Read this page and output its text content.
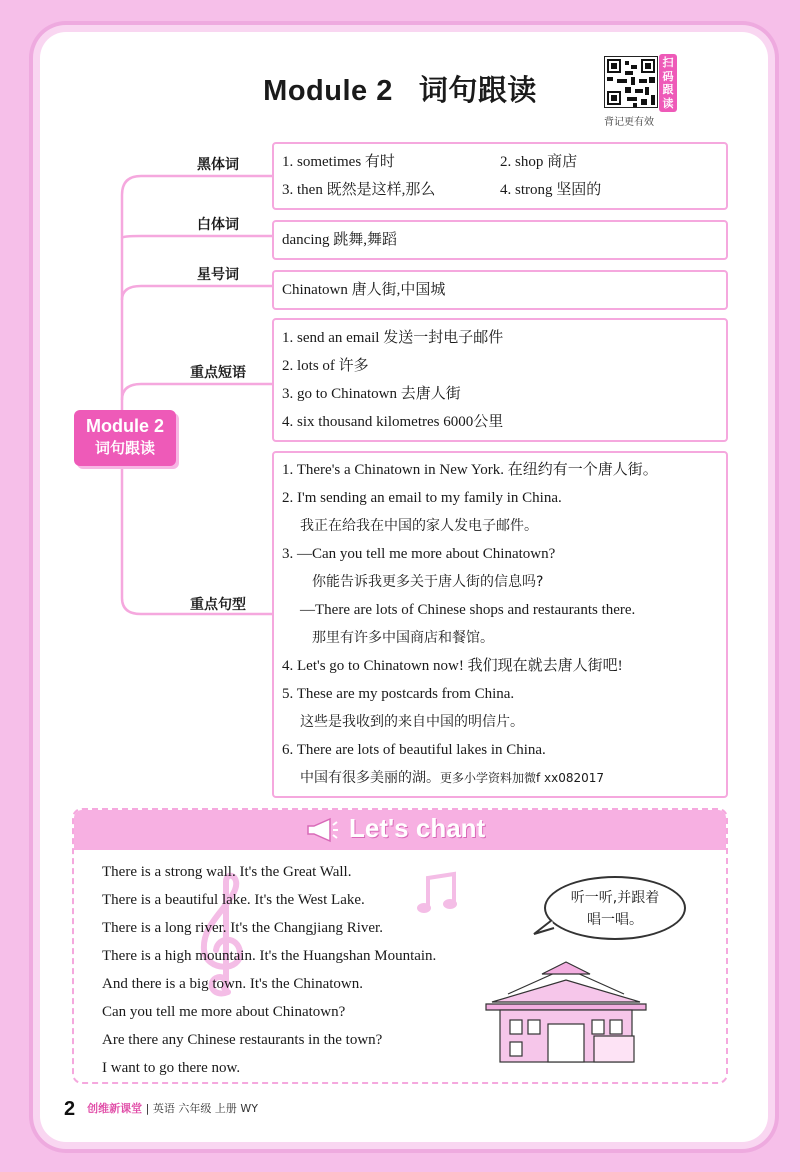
Module 2 词句跟读
扫码跟读
背记更有效
黑体词
白体词
星号词
重点短语
重点句型
Module 2
词句跟读
1. sometimes 有时	2. shop 商店
3. then 既然是这样,那么	4. strong 坚固的
dancing 跳舞,舞蹈
Chinatown 唐人街,中国城
1. send an email 发送一封电子邮件
2. lots of 许多
3. go to Chinatown 去唐人街
4. six thousand kilometres 6000公里
1. There's a Chinatown in New York. 在纽约有一个唐人街。
2. I'm sending an email to my family in China.
我正在给我在中国的家人发电子邮件。
3. —Can you tell me more about Chinatown?
你能告诉我更多关于唐人街的信息吗?
—There are lots of Chinese shops and restaurants there.
那里有许多中国商店和餐馆。
4. Let's go to Chinatown now! 我们现在就去唐人街吧!
5. These are my postcards from China.
这些是我收到的来自中国的明信片。
6. There are lots of beautiful lakes in China.
中国有很多美丽的湖。更多小学资料加微f xx082017
Let's chant
There is a strong wall. It's the Great Wall.
There is a beautiful lake. It's the West Lake.
There is a long river. It's the Changjiang River.
There is a high mountain. It's the Huangshan Mountain.
And there is a big town. It's the Chinatown.
Can you tell me more about Chinatown?
Are there any Chinese restaurants in the town?
I want to go there now.
听一听,并跟着
唱一唱。
2 创维新课堂 | 英语 六年级 上册 WY
